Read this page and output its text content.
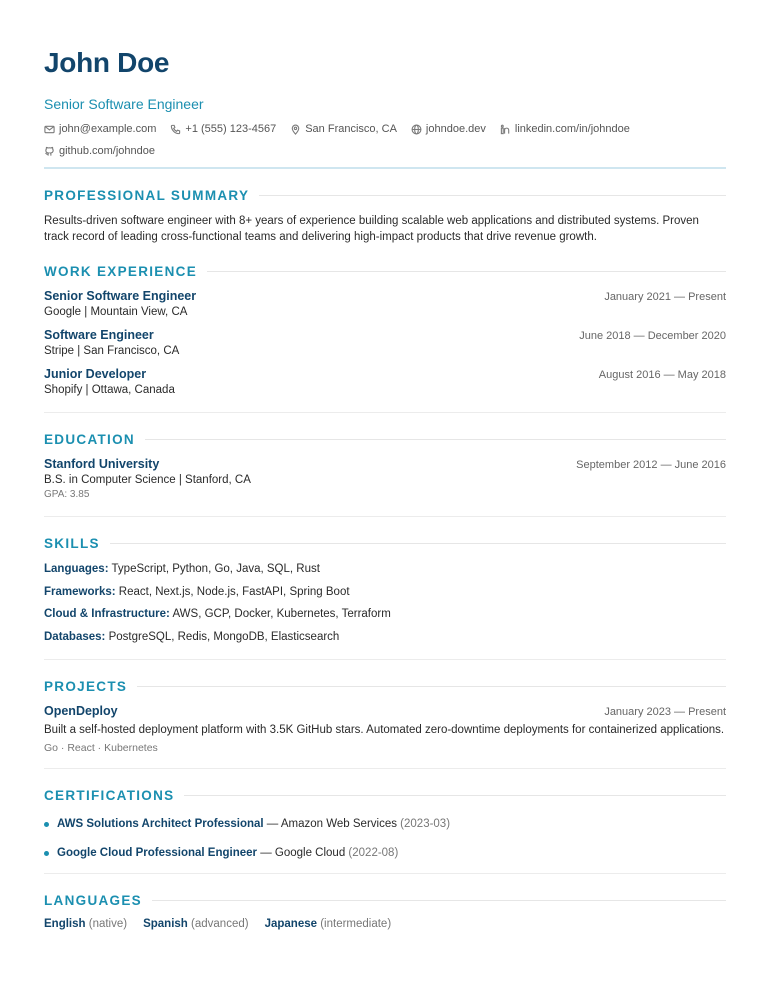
John Doe
Senior Software Engineer
john@example.com	+1 (555) 123-4567	San Francisco, CA	johndoe.dev	linkedin.com/in/johndoe
github.com/johndoe
PROFESSIONAL SUMMARY
Results-driven software engineer with 8+ years of experience building scalable web applications and distributed systems. Proven track record of leading cross-functional teams and delivering high-impact products that drive revenue growth.
WORK EXPERIENCE
Senior Software Engineer	January 2021 — Present
Google | Mountain View, CA
Software Engineer	June 2018 — December 2020
Stripe | San Francisco, CA
Junior Developer	August 2016 — May 2018
Shopify | Ottawa, Canada
EDUCATION
Stanford University	September 2012 — June 2016
B.S. in Computer Science | Stanford, CA
GPA: 3.85
SKILLS
Languages: TypeScript, Python, Go, Java, SQL, Rust
Frameworks: React, Next.js, Node.js, FastAPI, Spring Boot
Cloud & Infrastructure: AWS, GCP, Docker, Kubernetes, Terraform
Databases: PostgreSQL, Redis, MongoDB, Elasticsearch
PROJECTS
OpenDeploy	January 2023 — Present
Built a self-hosted deployment platform with 3.5K GitHub stars. Automated zero-downtime deployments for containerized applications.
Go · React · Kubernetes
CERTIFICATIONS
AWS Solutions Architect Professional — Amazon Web Services (2023-03)
Google Cloud Professional Engineer — Google Cloud (2022-08)
LANGUAGES
English (native) Spanish (advanced) Japanese (intermediate)
